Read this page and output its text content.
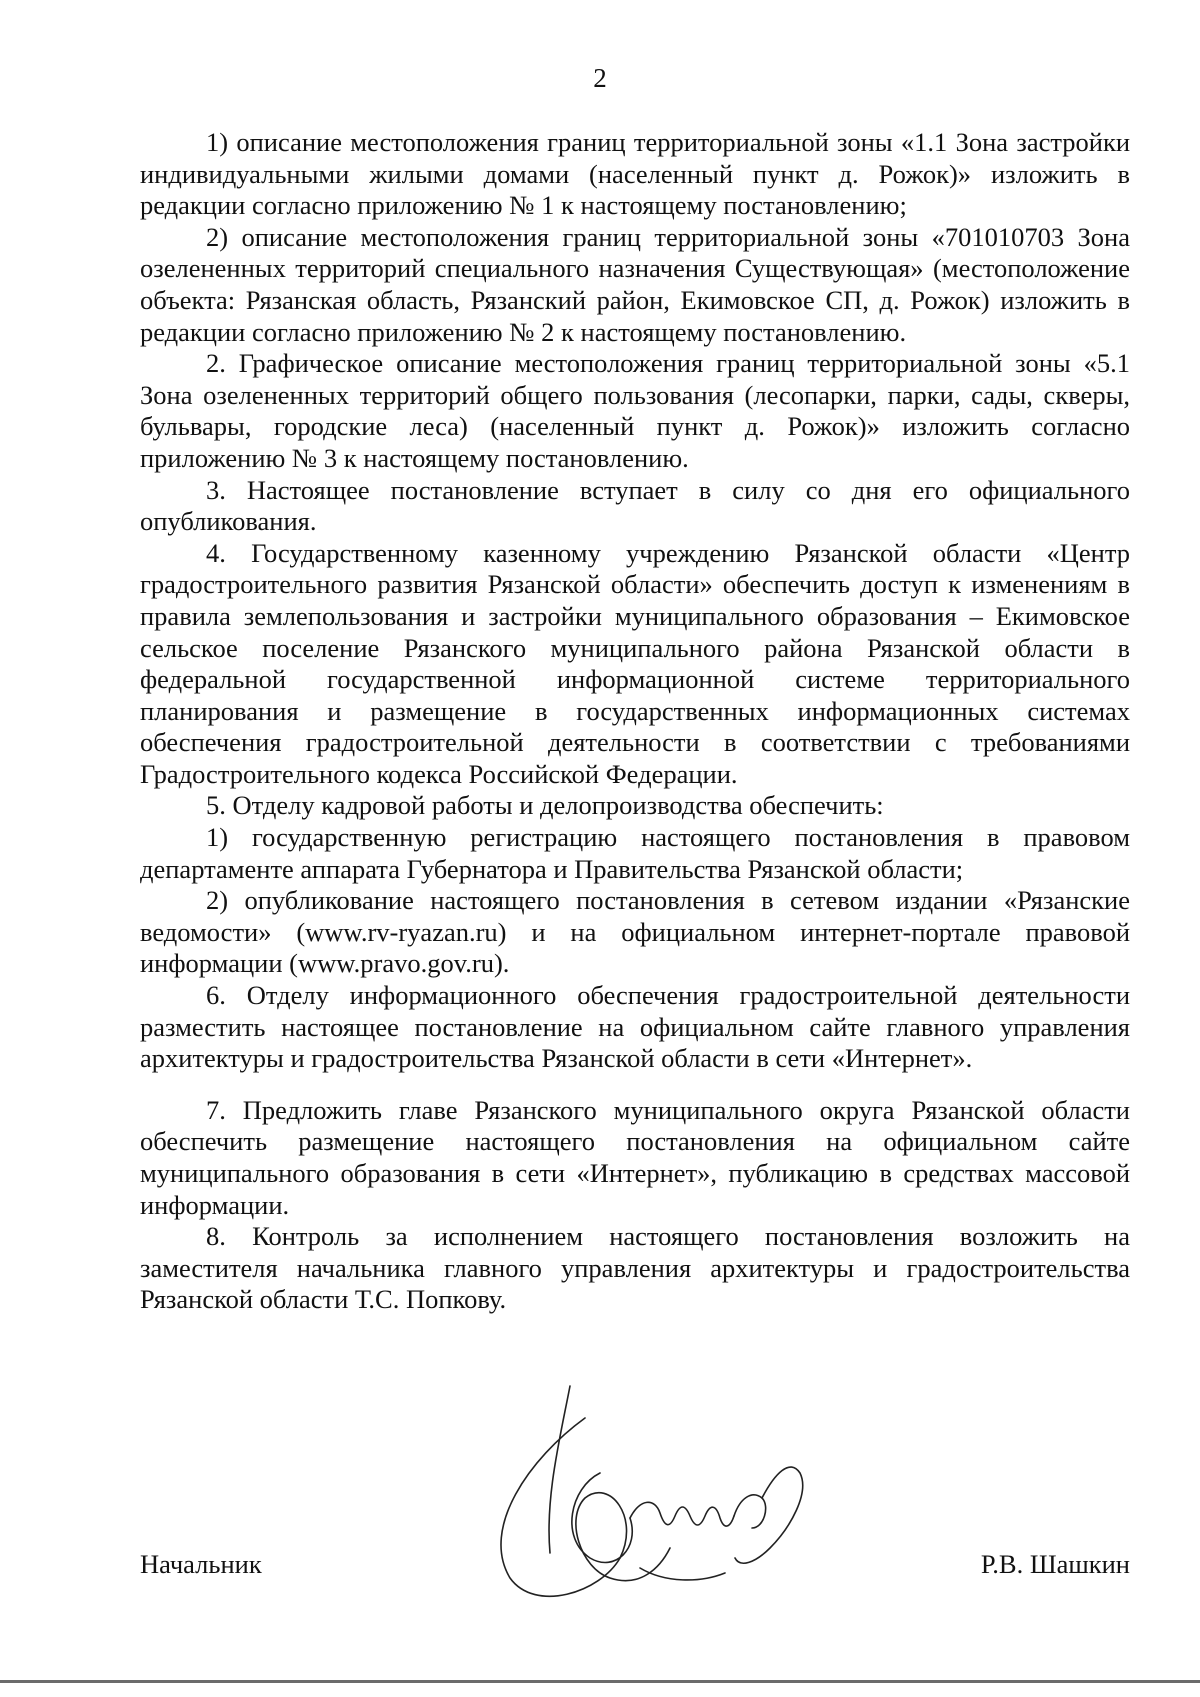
2

1) описание местоположения границ территориальной зоны «1.1 Зона застройки индивидуальными жилыми домами (населенный пункт д. Рожок)» изложить в редакции согласно приложению № 1 к настоящему постановлению;

2) описание местоположения границ территориальной зоны «701010703 Зона озелененных территорий специального назначения Существующая» (местоположение объекта: Рязанская область, Рязанский район, Екимовское СП, д. Рожок) изложить в редакции согласно приложению № 2 к настоящему постановлению.

2. Графическое описание местоположения границ территориальной зоны «5.1 Зона озелененных территорий общего пользования (лесопарки, парки, сады, скверы, бульвары, городские леса) (населенный пункт д. Рожок)» изложить согласно приложению № 3 к настоящему постановлению.

3. Настоящее постановление вступает в силу со дня его официального опубликования.

4. Государственному казенному учреждению Рязанской области «Центр градостроительного развития Рязанской области» обеспечить доступ к изменениям в правила землепользования и застройки муниципального образования – Екимовское сельское поселение Рязанского муниципального района Рязанской области в федеральной государственной информационной системе территориального планирования и размещение в государственных информационных системах обеспечения градостроительной деятельности в соответствии с требованиями Градостроительного кодекса Российской Федерации.

5. Отделу кадровой работы и делопроизводства обеспечить:

1) государственную регистрацию настоящего постановления в правовом департаменте аппарата Губернатора и Правительства Рязанской области;

2) опубликование настоящего постановления в сетевом издании «Рязанские ведомости» (www.rv-ryazan.ru) и на официальном интернет-портале правовой информации (www.pravo.gov.ru).

6. Отделу информационного обеспечения градостроительной деятельности разместить настоящее постановление на официальном сайте главного управления архитектуры и градостроительства Рязанской области в сети «Интернет».

7. Предложить главе Рязанского муниципального округа Рязанской области обеспечить размещение настоящего постановления на официальном сайте муниципального образования в сети «Интернет», публикацию в средствах массовой информации.

8. Контроль за исполнением настоящего постановления возложить на заместителя начальника главного управления архитектуры и градостроительства Рязанской области Т.С. Попкову.

Начальник	Р.В. Шашкин
